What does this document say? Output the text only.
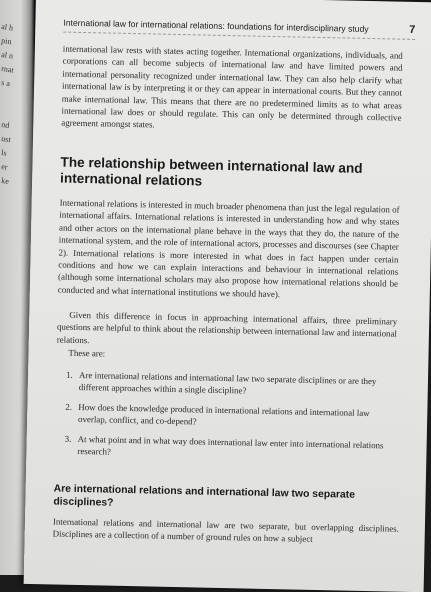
al h
pin
al n
rnat
s a
nd
ust
ls
er
ke
International law for international relations: foundations for interdisciplinary study	7

international law rests with states acting together. International organizations, individuals, and corporations can all become subjects of international law and have limited powers and international personality recognized under international law. They can also help clarify what international law is by interpreting it or they can appear in international courts. But they cannot make international law. This means that there are no predetermined limits as to what areas international law does or should regulate. This can only be determined through collective agreement amongst states.

The relationship between international law and international relations

International relations is interested in much broader phenomena than just the legal regulation of international affairs. International relations is interested in understanding how and why states and other actors on the international plane behave in the ways that they do, the nature of the international system, and the role of international actors, processes and discourses (see Chapter 2). International relations is more interested in what does in fact happen under certain conditions and how we can explain interactions and behaviour in international relations (although some international scholars may also propose how international relations should be conducted and what international institutions we should have).

Given this difference in focus in approaching international affairs, three preliminary questions are helpful to think about the relationship between international law and international relations.

These are:

1. Are international relations and international law two separate disciplines or are they different approaches within a single discipline?
2. How does the knowledge produced in international relations and international law overlap, conflict, and co-depend?
3. At what point and in what way does international law enter into international relations research?
Are international relations and international law two separate disciplines?

International relations and international law are two separate, but overlapping disciplines. Disciplines are a collection of a number of ground rules on how a subject
